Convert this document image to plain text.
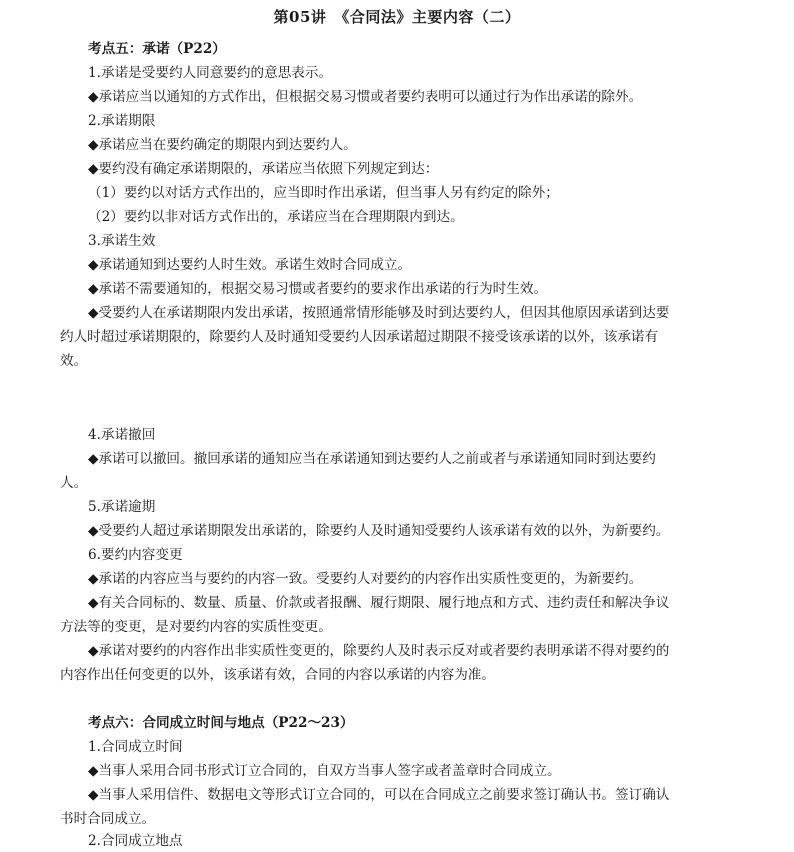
第05讲　《合同法》主要内容（二）
考点五：承诺（P22）
1.承诺是受要约人同意要约的意思表示。
◆承诺应当以通知的方式作出，但根据交易习惯或者要约表明可以通过行为作出承诺的除外。
2.承诺期限
◆承诺应当在要约确定的期限内到达要约人。
◆要约没有确定承诺期限的，承诺应当依照下列规定到达：
（1）要约以对话方式作出的，应当即时作出承诺，但当事人另有约定的除外；
（2）要约以非对话方式作出的，承诺应当在合理期限内到达。
3.承诺生效
◆承诺通知到达要约人时生效。承诺生效时合同成立。
◆承诺不需要通知的，根据交易习惯或者要约的要求作出承诺的行为时生效。
◆受要约人在承诺期限内发出承诺，按照通常情形能够及时到达要约人，但因其他原因承诺到达要
约人时超过承诺期限的，除要约人及时通知受要约人因承诺超过期限不接受该承诺的以外，该承诺有
效。
4.承诺撤回
◆承诺可以撤回。撤回承诺的通知应当在承诺通知到达要约人之前或者与承诺通知同时到达要约
人。
5.承诺逾期
◆受要约人超过承诺期限发出承诺的，除要约人及时通知受要约人该承诺有效的以外，为新要约。
6.要约内容变更
◆承诺的内容应当与要约的内容一致。受要约人对要约的内容作出实质性变更的，为新要约。
◆有关合同标的、数量、质量、价款或者报酬、履行期限、履行地点和方式、违约责任和解决争议
方法等的变更，是对要约内容的实质性变更。
◆承诺对要约的内容作出非实质性变更的，除要约人及时表示反对或者要约表明承诺不得对要约的
内容作出任何变更的以外，该承诺有效，合同的内容以承诺的内容为准。
考点六：合同成立时间与地点（P22～23）
1.合同成立时间
◆当事人采用合同书形式订立合同的，自双方当事人签字或者盖章时合同成立。
◆当事人采用信件、数据电文等形式订立合同的，可以在合同成立之前要求签订确认书。签订确认
书时合同成立。
2.合同成立地点
